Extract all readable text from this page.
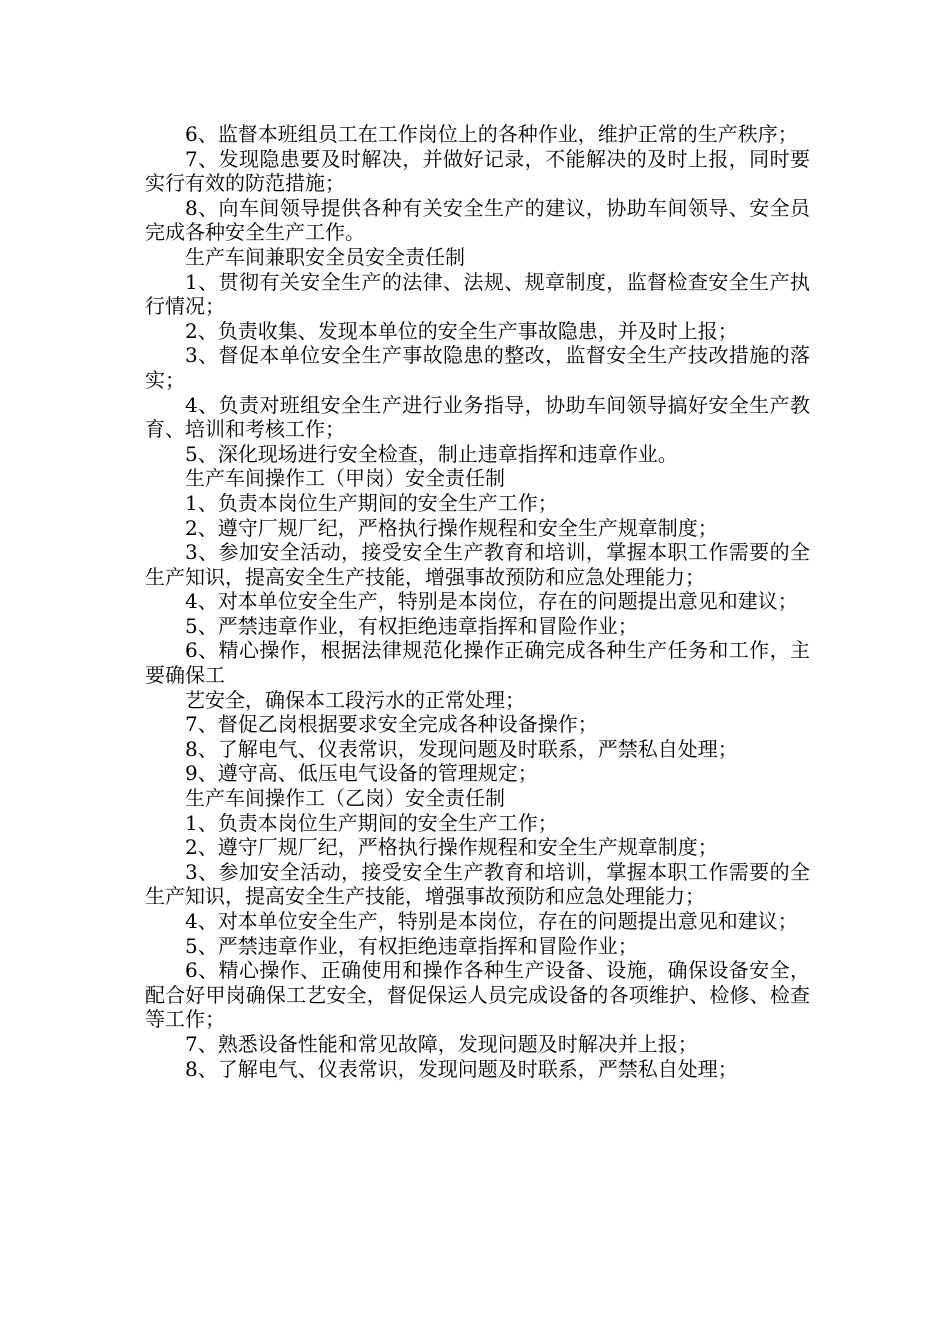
6、监督本班组员工在工作岗位上的各种作业，维护正常的生产秩序；

7、发现隐患要及时解决，并做好记录，不能解决的及时上报，同时要实行有效的防范措施；

8、向车间领导提供各种有关安全生产的建议，协助车间领导、安全员完成各种安全生产工作。

生产车间兼职安全员安全责任制

1、贯彻有关安全生产的法律、法规、规章制度，监督检查安全生产执行情况；

2、负责收集、发现本单位的安全生产事故隐患，并及时上报；

3、督促本单位安全生产事故隐患的整改，监督安全生产技改措施的落实；

4、负责对班组安全生产进行业务指导，协助车间领导搞好安全生产教育、培训和考核工作；

5、深化现场进行安全检查，制止违章指挥和违章作业。

生产车间操作工（甲岗）安全责任制

1、负责本岗位生产期间的安全生产工作；

2、遵守厂规厂纪，严格执行操作规程和安全生产规章制度；

3、参加安全活动，接受安全生产教育和培训，掌握本职工作需要的全生产知识，提高安全生产技能，增强事故预防和应急处理能力；

4、对本单位安全生产，特别是本岗位，存在的问题提出意见和建议；

5、严禁违章作业，有权拒绝违章指挥和冒险作业；

6、精心操作，根据法律规范化操作正确完成各种生产任务和工作，主要确保工

艺安全，确保本工段污水的正常处理；

7、督促乙岗根据要求安全完成各种设备操作；

8、了解电气、仪表常识，发现问题及时联系，严禁私自处理；

9、遵守高、低压电气设备的管理规定；

生产车间操作工（乙岗）安全责任制

1、负责本岗位生产期间的安全生产工作；

2、遵守厂规厂纪，严格执行操作规程和安全生产规章制度；

3、参加安全活动，接受安全生产教育和培训，掌握本职工作需要的全生产知识，提高安全生产技能，增强事故预防和应急处理能力；

4、对本单位安全生产，特别是本岗位，存在的问题提出意见和建议；

5、严禁违章作业，有权拒绝违章指挥和冒险作业；

6、精心操作、正确使用和操作各种生产设备、设施，确保设备安全，配合好甲岗确保工艺安全，督促保运人员完成设备的各项维护、检修、检查等工作；

7、熟悉设备性能和常见故障，发现问题及时解决并上报；

8、了解电气、仪表常识，发现问题及时联系，严禁私自处理；
